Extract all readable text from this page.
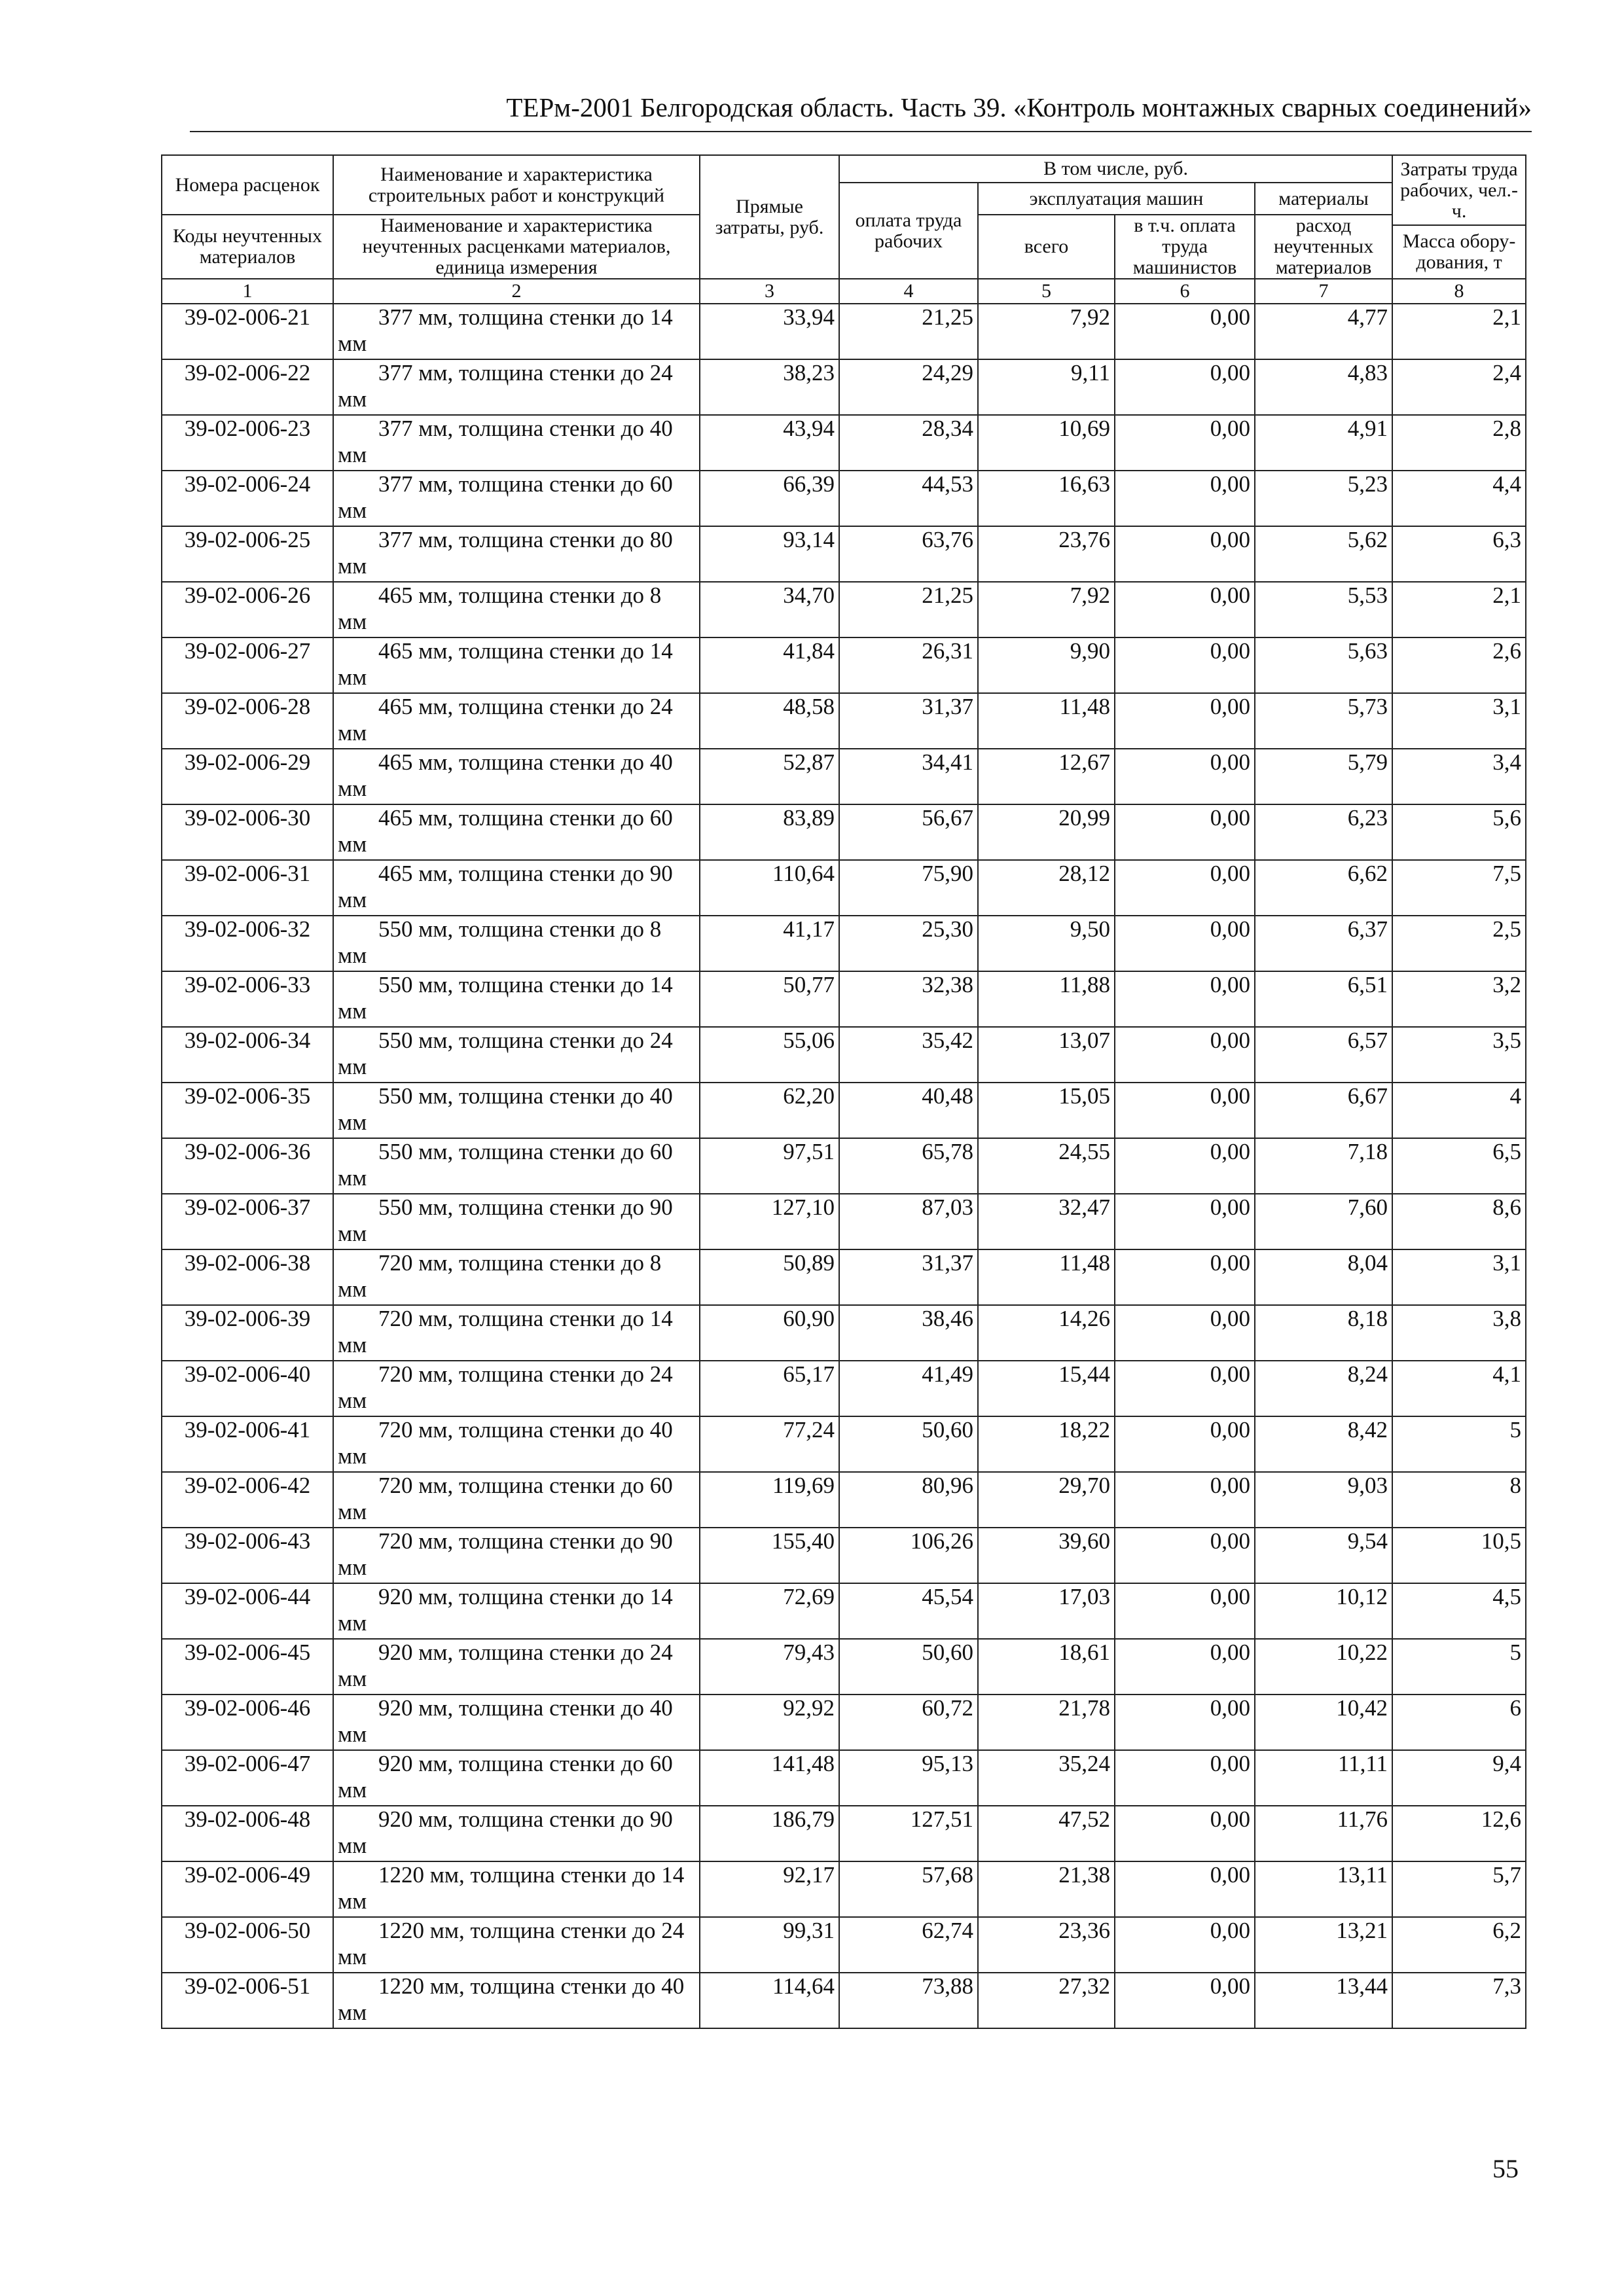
ТЕРм-2001 Белгородская область. Часть 39. «Контроль монтажных сварных соединений»
Номера расценок	Наименование и характеристика строительных работ и конструкций	Прямые затраты, руб.	В том числе, руб.				Затраты труда рабочих, чел.-ч.
			оплата труда рабочих	эксплуатация машин		материалы	
Коды неучтенных материалов	Наименование и характеристика неучтенных расценками материалов, единица измерения			всего	в т.ч. оплата труда машинистов	расход неучтенных материалов	
							Масса обору- дования, т
1	2	3	4	5	6	7	8
39-02-006-21	377 мм, толщина стенки до 14 мм	33,94	21,25	7,92	0,00	4,77	2,1
39-02-006-22	377 мм, толщина стенки до 24 мм	38,23	24,29	9,11	0,00	4,83	2,4
39-02-006-23	377 мм, толщина стенки до 40 мм	43,94	28,34	10,69	0,00	4,91	2,8
39-02-006-24	377 мм, толщина стенки до 60 мм	66,39	44,53	16,63	0,00	5,23	4,4
39-02-006-25	377 мм, толщина стенки до 80 мм	93,14	63,76	23,76	0,00	5,62	6,3
39-02-006-26	465 мм, толщина стенки до 8 мм	34,70	21,25	7,92	0,00	5,53	2,1
39-02-006-27	465 мм, толщина стенки до 14 мм	41,84	26,31	9,90	0,00	5,63	2,6
39-02-006-28	465 мм, толщина стенки до 24 мм	48,58	31,37	11,48	0,00	5,73	3,1
39-02-006-29	465 мм, толщина стенки до 40 мм	52,87	34,41	12,67	0,00	5,79	3,4
39-02-006-30	465 мм, толщина стенки до 60 мм	83,89	56,67	20,99	0,00	6,23	5,6
39-02-006-31	465 мм, толщина стенки до 90 мм	110,64	75,90	28,12	0,00	6,62	7,5
39-02-006-32	550 мм, толщина стенки до 8 мм	41,17	25,30	9,50	0,00	6,37	2,5
39-02-006-33	550 мм, толщина стенки до 14 мм	50,77	32,38	11,88	0,00	6,51	3,2
39-02-006-34	550 мм, толщина стенки до 24 мм	55,06	35,42	13,07	0,00	6,57	3,5
39-02-006-35	550 мм, толщина стенки до 40 мм	62,20	40,48	15,05	0,00	6,67	4
39-02-006-36	550 мм, толщина стенки до 60 мм	97,51	65,78	24,55	0,00	7,18	6,5
39-02-006-37	550 мм, толщина стенки до 90 мм	127,10	87,03	32,47	0,00	7,60	8,6
39-02-006-38	720 мм, толщина стенки до 8 мм	50,89	31,37	11,48	0,00	8,04	3,1
39-02-006-39	720 мм, толщина стенки до 14 мм	60,90	38,46	14,26	0,00	8,18	3,8
39-02-006-40	720 мм, толщина стенки до 24 мм	65,17	41,49	15,44	0,00	8,24	4,1
39-02-006-41	720 мм, толщина стенки до 40 мм	77,24	50,60	18,22	0,00	8,42	5
39-02-006-42	720 мм, толщина стенки до 60 мм	119,69	80,96	29,70	0,00	9,03	8
39-02-006-43	720 мм, толщина стенки до 90 мм	155,40	106,26	39,60	0,00	9,54	10,5
39-02-006-44	920 мм, толщина стенки до 14 мм	72,69	45,54	17,03	0,00	10,12	4,5
39-02-006-45	920 мм, толщина стенки до 24 мм	79,43	50,60	18,61	0,00	10,22	5
39-02-006-46	920 мм, толщина стенки до 40 мм	92,92	60,72	21,78	0,00	10,42	6
39-02-006-47	920 мм, толщина стенки до 60 мм	141,48	95,13	35,24	0,00	11,11	9,4
39-02-006-48	920 мм, толщина стенки до 90 мм	186,79	127,51	47,52	0,00	11,76	12,6
39-02-006-49	1220 мм, толщина стенки до 14 мм	92,17	57,68	21,38	0,00	13,11	5,7
39-02-006-50	1220 мм, толщина стенки до 24 мм	99,31	62,74	23,36	0,00	13,21	6,2
39-02-006-51	1220 мм, толщина стенки до 40 мм	114,64	73,88	27,32	0,00	13,44	7,3
55
